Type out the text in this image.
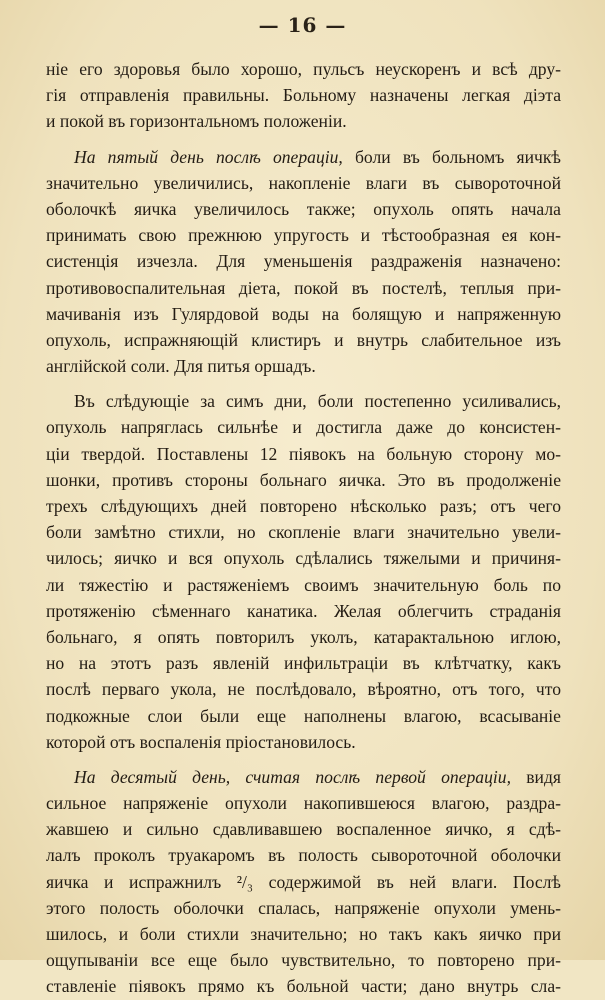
— 16 —
ніе его здоровья было хорошо, пульсъ неускоренъ и всѣ дру-
гія отправленія правильны. Больному назначены легкая діэта
и покой въ горизонтальномъ положеніи.
На пятый день послѣ операціи, боли въ больномъ яичкѣ
значительно увеличились, накопленіе влаги въ сывороточной
оболочкѣ яичка увеличилось также; опухоль опять начала
принимать свою прежнюю упругость и тѣстообразная ея кон-
систенція изчезла. Для уменьшенія раздраженія назначено:
противовоспалительная діета, покой въ постелѣ, теплыя при-
мачиванія изъ Гулярдовой воды на болящую и напряженную
опухоль, испражняющій клистиръ и внутрь слабительное изъ
англійской соли. Для питья оршадъ.
Въ слѣдующіе за симъ дни, боли постепенно усиливались,
опухоль напряглась сильнѣе и достигла даже до консистен-
ціи твердой. Поставлены 12 піявокъ на больную сторону мо-
шонки, противъ стороны больнаго яичка. Это въ продолженіе
трехъ слѣдующихъ дней повторено нѣсколько разъ; отъ чего
боли замѣтно стихли, но скопленіе влаги значительно увели-
чилось; яичко и вся опухоль сдѣлались тяжелыми и причиня-
ли тяжестію и растяженіемъ своимъ значительную боль по
протяженію сѣменнаго канатика. Желая облегчить страданія
больнаго, я опять повторилъ уколъ, катарактальною иглою,
но на этотъ разъ явленій инфильтраціи въ клѣтчатку, какъ
послѣ перваго укола, не послѣдовало, вѣроятно, отъ того, что
подкожные слои были еще наполнены влагою, всасываніе
которой отъ воспаленія пріостановилось.
На десятый день, считая послѣ первой операціи, видя
сильное напряженіе опухоли накопившеюся влагою, раздра-
жавшею и сильно сдавливавшею воспаленное яичко, я сдѣ-
лалъ проколъ труакаромъ въ полость сывороточной оболочки
яичка и испражнилъ ²/₃ содержимой въ ней влаги. Послѣ
этого полость оболочки спалась, напряженіе опухоли умень-
шилось, и боли стихли значительно; но такъ какъ яичко при
ощупываніи все еще было чувствительно, то повторено при-
ставленіе піявокъ прямо къ больной части; дано внутрь сла-
